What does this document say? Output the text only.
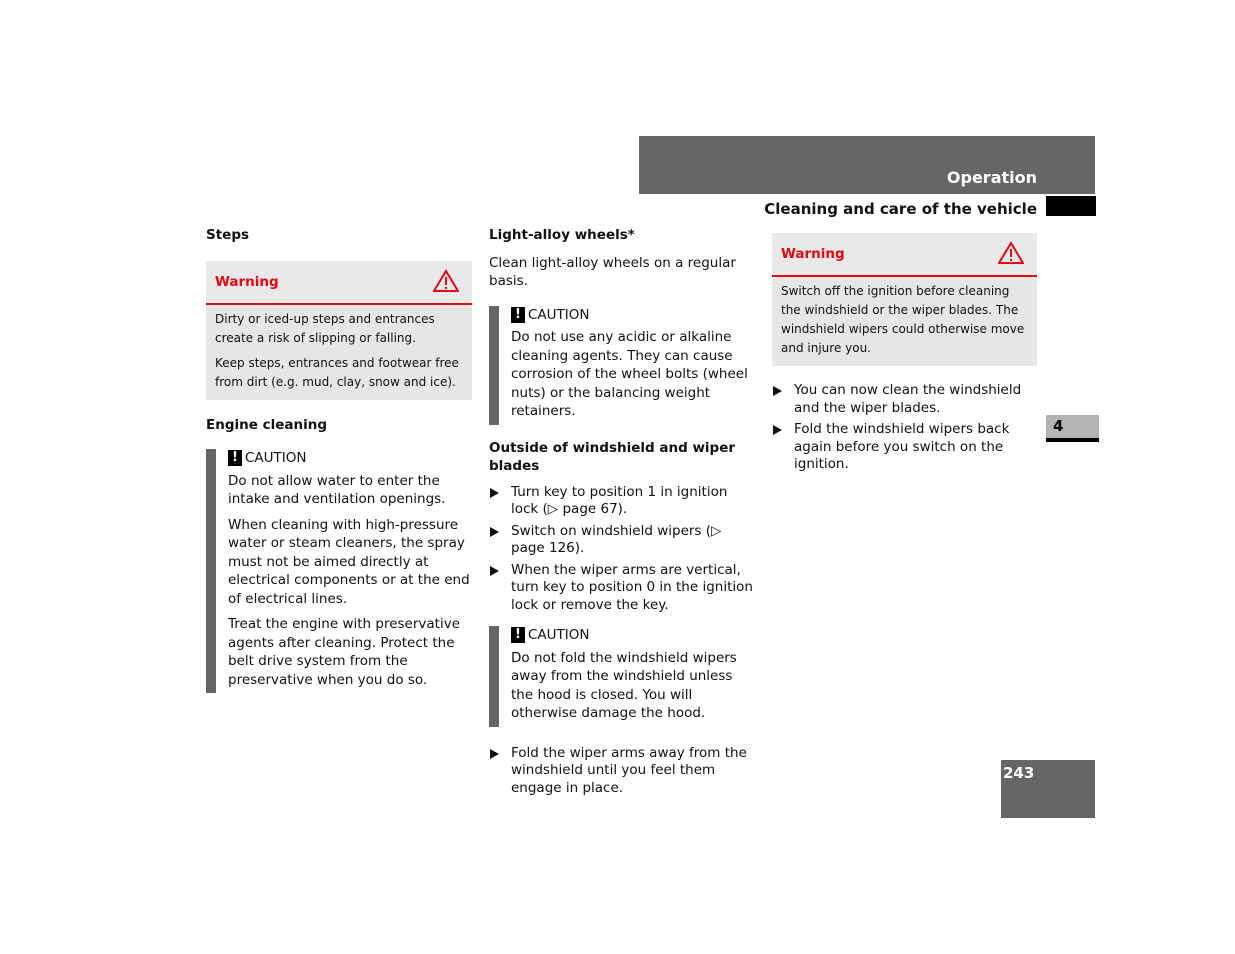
Operation
Cleaning and care of the vehicle
4
243

Steps

Warning

Dirty or iced-up steps and entrances create a risk of slipping or falling.

Keep steps, entrances and footwear free from dirt (e.g. mud, clay, snow and ice).

Engine cleaning

! CAUTION

Do not allow water to enter the intake and ventilation openings.

When cleaning with high-pressure water or steam cleaners, the spray must not be aimed directly at electrical components or at the end of electrical lines.

Treat the engine with preservative agents after cleaning. Protect the belt drive system from the preservative when you do so.

Light-alloy wheels*

Clean light-alloy wheels on a regular basis.

! CAUTION

Do not use any acidic or alkaline cleaning agents. They can cause corrosion of the wheel bolts (wheel nuts) or the balancing weight retainers.

Outside of windshield and wiper blades

Turn key to position 1 in ignition lock (▷ page 67).
Switch on windshield wipers (▷ page 126).
When the wiper arms are vertical, turn key to position 0 in the ignition lock or remove the key.
! CAUTION

Do not fold the windshield wipers away from the windshield unless the hood is closed. You will otherwise damage the hood.

Fold the wiper arms away from the windshield until you feel them engage in place.
Warning

Switch off the ignition before cleaning the windshield or the wiper blades. The windshield wipers could otherwise move and injure you.

You can now clean the windshield and the wiper blades.
Fold the windshield wipers back again before you switch on the ignition.
